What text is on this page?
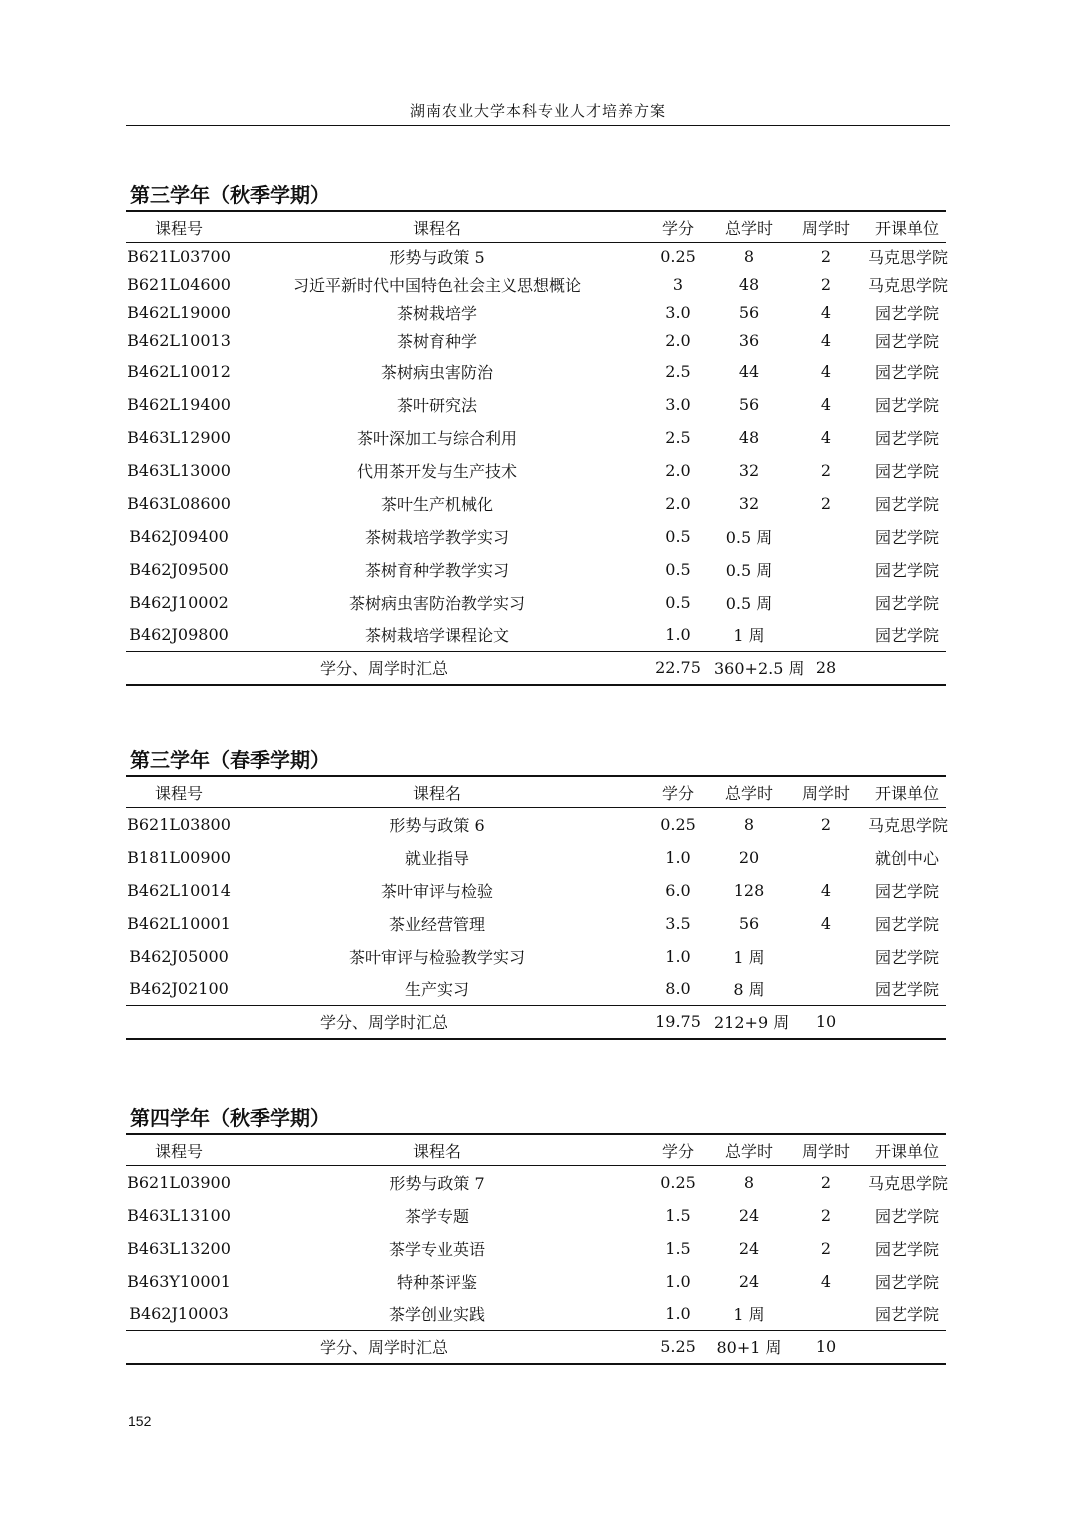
湖南农业大学本科专业人才培养方案
第三学年（秋季学期）
课程号	课程名	学分	总学时	周学时	开课单位
B621L03700	形势与政策 5	0.25	8	2	马克思学院
B621L04600	习近平新时代中国特色社会主义思想概论	3	48	2	马克思学院
B462L19000	茶树栽培学	3.0	56	4	园艺学院
B462L10013	茶树育种学	2.0	36	4	园艺学院
B462L10012	茶树病虫害防治	2.5	44	4	园艺学院
B462L19400	茶叶研究法	3.0	56	4	园艺学院
B463L12900	茶叶深加工与综合利用	2.5	48	4	园艺学院
B463L13000	代用茶开发与生产技术	2.0	32	2	园艺学院
B463L08600	茶叶生产机械化	2.0	32	2	园艺学院
B462J09400	茶树栽培学教学实习	0.5	0.5 周		园艺学院
B462J09500	茶树育种学教学实习	0.5	0.5 周		园艺学院
B462J10002	茶树病虫害防治教学实习	0.5	0.5 周		园艺学院
B462J09800	茶树栽培学课程论文	1.0	1 周		园艺学院
学分、周学时汇总		22.75	360+2.5 周	28	
第三学年（春季学期）
课程号	课程名	学分	总学时	周学时	开课单位
B621L03800	形势与政策 6	0.25	8	2	马克思学院
B181L00900	就业指导	1.0	20		就创中心
B462L10014	茶叶审评与检验	6.0	128	4	园艺学院
B462L10001	茶业经营管理	3.5	56	4	园艺学院
B462J05000	茶叶审评与检验教学实习	1.0	1 周		园艺学院
B462J02100	生产实习	8.0	8 周		园艺学院
学分、周学时汇总		19.75	212+9 周	10	
第四学年（秋季学期）
课程号	课程名	学分	总学时	周学时	开课单位
B621L03900	形势与政策 7	0.25	8	2	马克思学院
B463L13100	茶学专题	1.5	24	2	园艺学院
B463L13200	茶学专业英语	1.5	24	2	园艺学院
B463Y10001	特种茶评鉴	1.0	24	4	园艺学院
B462J10003	茶学创业实践	1.0	1 周		园艺学院
学分、周学时汇总		5.25	80+1 周	10	
152
